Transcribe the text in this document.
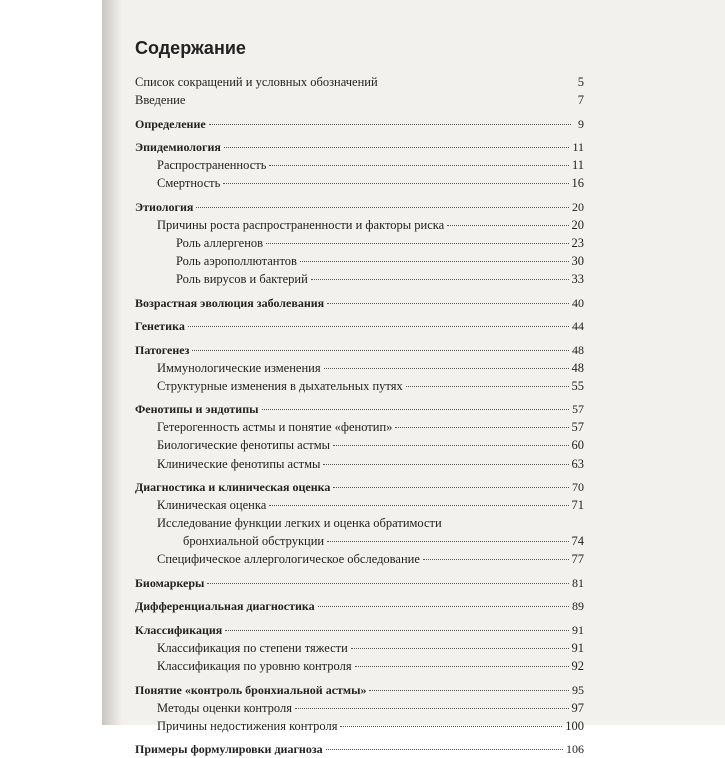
Содержание
Список сокращений и условных обозначений	5
Введение	7
Определение	9
Эпидемиология	11
Распространенность	11
Смертность	16
Этиология	20
Причины роста распространенности и факторы риска	20
Роль аллергенов	23
Роль аэрополлютантов	30
Роль вирусов и бактерий	33
Возрастная эволюция заболевания	40
Генетика	44
Патогенез	48
Иммунологические изменения	48
Структурные изменения в дыхательных путях	55
Фенотипы и эндотипы	57
Гетерогенность астмы и понятие «фенотип»	57
Биологические фенотипы астмы	60
Клинические фенотипы астмы	63
Диагностика и клиническая оценка	70
Клиническая оценка	71
Исследование функции легких и оценка обратимости
бронхиальной обструкции	74
Специфическое аллергологическое обследование	77
Биомаркеры	81
Дифференциальная диагностика	89
Классификация	91
Классификация по степени тяжести	91
Классификация по уровню контроля	92
Понятие «контроль бронхиальной астмы»	95
Методы оценки контроля	97
Причины недостижения контроля	100
Примеры формулировки диагноза	106
